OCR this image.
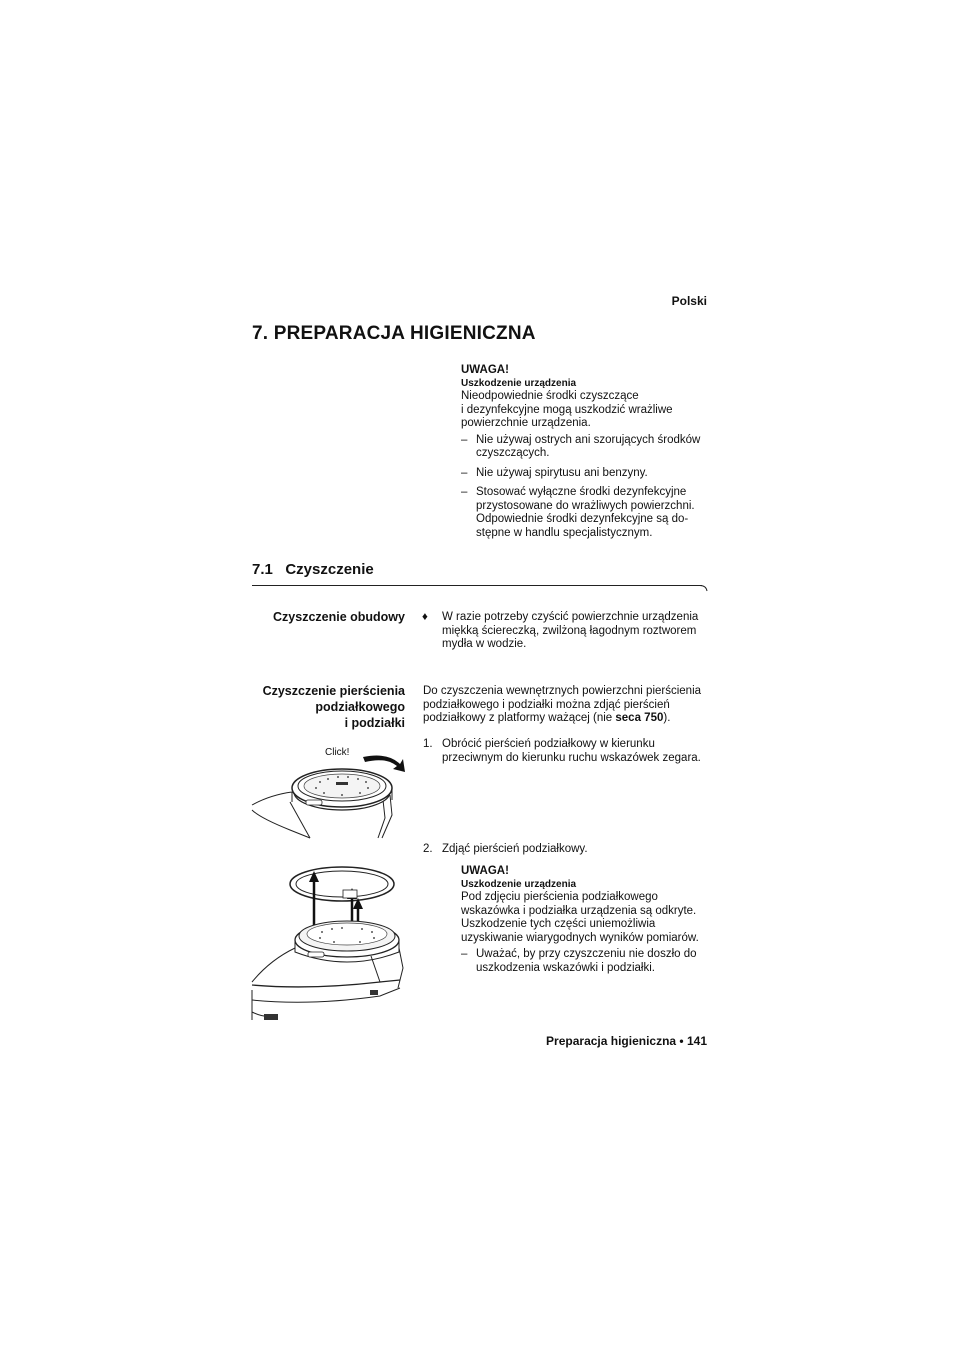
Polski
7. PREPARACJA HIGIENICZNA
UWAGA!
Uszkodzenie urządzenia
Nieodpowiednie środki czyszczące
i dezynfekcyjne mogą uszkodzić wrażliwe
powierzchnie urządzenia.
– Nie używaj ostrych ani szorujących środków czyszczących.
– Nie używaj spirytusu ani benzyny.
– Stosować wyłączne środki dezynfekcyjne przystosowane do wrażliwych powierzchni. Odpowiednie środki dezynfekcyjne są do-stępne w handlu specjalistycznym.
7.1   Czyszczenie
Czyszczenie obudowy ♦ W razie potrzeby czyścić powierzchnie urządzenia miękką ściereczką, zwilżoną łagodnym roztworem mydła w wodzie.
Czyszczenie pierścienia
podziałkowego
i podziałki
Do czyszczenia wewnętrznych powierzchni pierścienia
podziałkowego i podziałki można zdjąć pierścień
podziałkowy z platformy ważącej (nie seca 750).
1. Obrócić pierścień podziałkowy w kierunku
przeciwnym do kierunku ruchu wskazówek zegara.
Click!
2. Zdjąć pierścień podziałkowy.
UWAGA!
Uszkodzenie urządzenia
Pod zdjęciu pierścienia podziałkowego
wskazówka i podziałka urządzenia są odkryte.
Uszkodzenie tych części uniemożliwia
uzyskiwanie wiarygodnych wyników pomiarów.
– Uważać, by przy czyszczeniu nie doszło do uszkodzenia wskazówki i podziałki.
Preparacja higieniczna • 141
